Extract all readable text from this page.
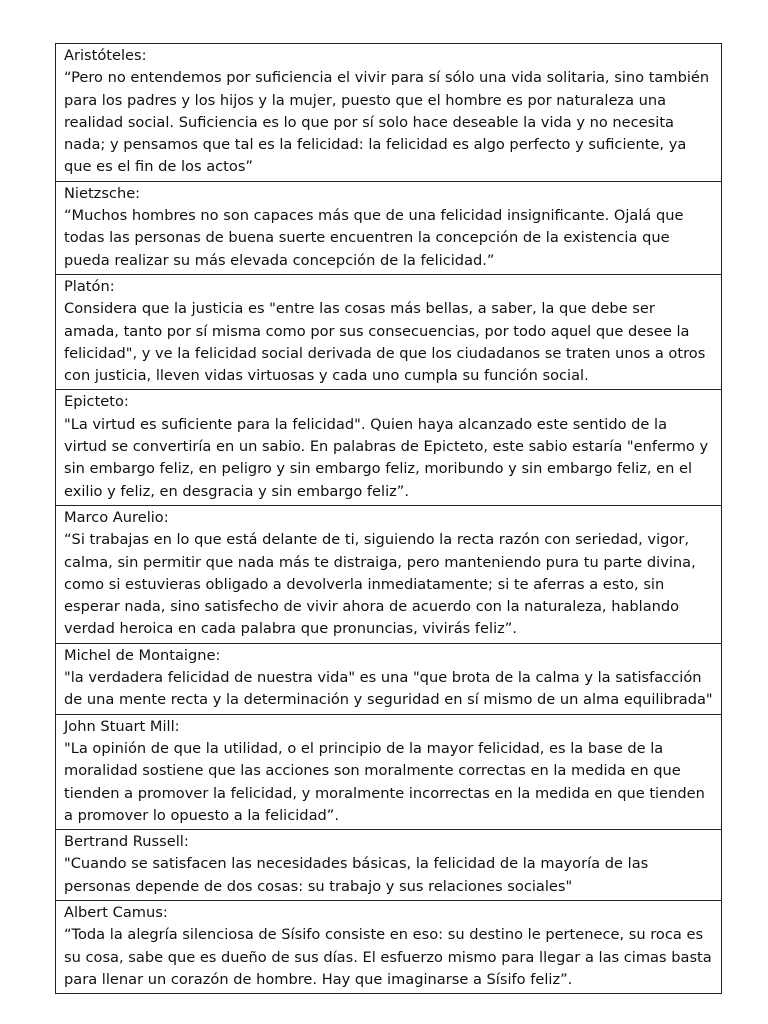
Aristóteles:
“Pero no entendemos por suficiencia el vivir para sí sólo una vida solitaria, sino también para los padres y los hijos y la mujer, puesto que el hombre es por naturaleza una realidad social. Suficiencia es lo que por sí solo hace deseable la vida y no necesita nada; y pensamos que tal es la felicidad: la felicidad es algo perfecto y suficiente, ya que es el fin de los actos”
Nietzsche:
“Muchos hombres no son capaces más que de una felicidad insignificante. Ojalá que todas las personas de buena suerte encuentren la concepción de la existencia que pueda realizar su más elevada concepción de la felicidad.”
Platón:
Considera que la justicia es "entre las cosas más bellas, a saber, la que debe ser amada, tanto por sí misma como por sus consecuencias, por todo aquel que desee la felicidad", y ve la felicidad social derivada de que los ciudadanos se traten unos a otros con justicia, lleven vidas virtuosas y cada uno cumpla su función social.
Epicteto:
"La virtud es suficiente para la felicidad". Quien haya alcanzado este sentido de la virtud se convertiría en un sabio. En palabras de Epicteto, este sabio estaría "enfermo y sin embargo feliz, en peligro y sin embargo feliz, moribundo y sin embargo feliz, en el exilio y feliz, en desgracia y sin embargo feliz”.
Marco Aurelio:
“Si trabajas en lo que está delante de ti, siguiendo la recta razón con seriedad, vigor, calma, sin permitir que nada más te distraiga, pero manteniendo pura tu parte divina, como si estuvieras obligado a devolverla inmediatamente; si te aferras a esto, sin esperar nada, sino satisfecho de vivir ahora de acuerdo con la naturaleza, hablando verdad heroica en cada palabra que pronuncias, vivirás feliz”.
Michel de Montaigne:
"la verdadera felicidad de nuestra vida" es una "que brota de la calma y la satisfacción de una mente recta y la determinación y seguridad en sí mismo de un alma equilibrada"
John Stuart Mill:
"La opinión de que la utilidad, o el principio de la mayor felicidad, es la base de la moralidad sostiene que las acciones son moralmente correctas en la medida en que tienden a promover la felicidad, y moralmente incorrectas en la medida en que tienden a promover lo opuesto a la felicidad”.
Bertrand Russell:
"Cuando se satisfacen las necesidades básicas, la felicidad de la mayoría de las personas depende de dos cosas: su trabajo y sus relaciones sociales"
Albert Camus:
“Toda la alegría silenciosa de Sísifo consiste en eso: su destino le pertenece, su roca es su cosa, sabe que es dueño de sus días. El esfuerzo mismo para llegar a las cimas basta para llenar un corazón de hombre. Hay que imaginarse a Sísifo feliz”.
